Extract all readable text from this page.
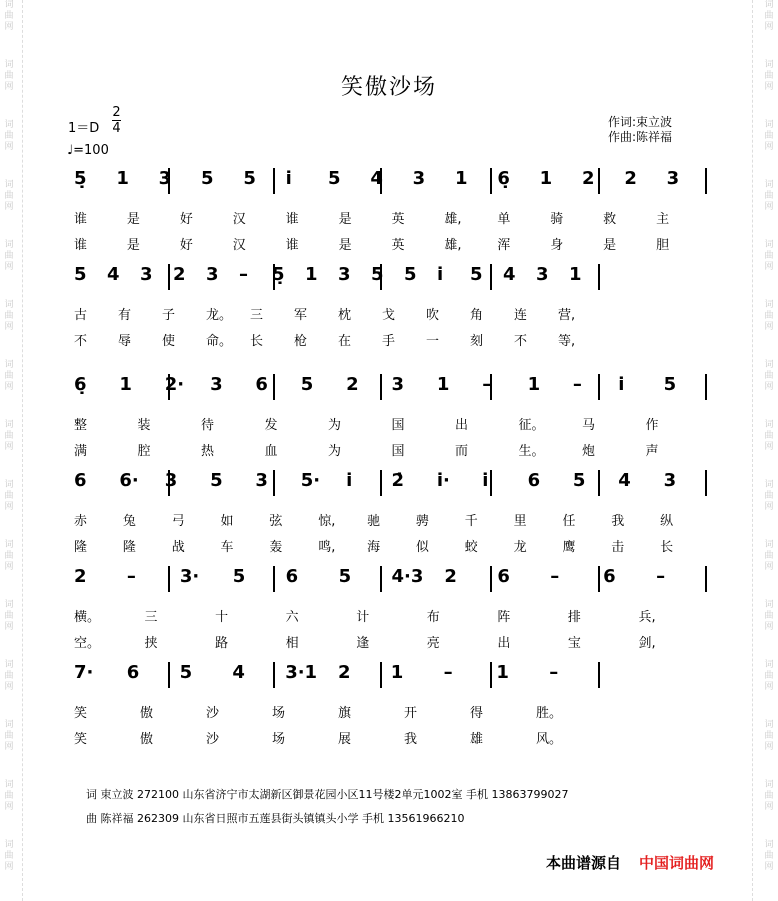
词
曲
网
词
曲
网
词
曲
网
词
曲
网
词
曲
网
词
曲
网
词
曲
网
词
曲
网
词
曲
网
词
曲
网
词
曲
网
词
曲
网
词
曲
网
词
曲
网
词
曲
网
词
曲
网
词
曲
网
词
曲
网
词
曲
网
词
曲
网
词
曲
网
词
曲
网
词
曲
网
词
曲
网
词
曲
网
词
曲
网
词
曲
网
词
曲
网
词
曲
网
词
曲
网
笑傲沙场
1＝D
2
4
♩=100
作词:束立波
作曲:陈祥福
5̣ 1 3 5 5 i̇ 5 4 3 1 6̣ 1 2 2 3
谁	是	好	汉	谁	是	英	雄,	单	骑	救	主
谁	是	好	汉	谁	是	英	雄,	浑	身	是	胆
5 4 3 2 3 – 5̣ 1 3 5 5 i̇ 5 4 3 1
古 有 子 龙。 三 军 枕 戈 吹 角 连 营,
不 辱 使 命。 长 枪 在 手 一 刻 不 等,
6̣ 1 2· 3 6 5 2 3 1 – 1 – i̇ 5
整	装	待	发	为	国	出	征。	马	作
满	腔	热	血	为	国	而	生。	炮	声
6 6· 3 5 3 5· i̇ 2̇ i̇· i̇ 6 5 4 3
赤	兔	弓	如	弦	惊, 驰	骋	千	里	任	我	纵
隆	隆	战	车	轰	鸣, 海	似	蛟	龙	鹰	击	长
2 – 3· 5 6 5 4·3 2 6 – 6 –
横。	三	十	六	计	布	阵	排	兵,
空。	挟	路	相	逢	亮	出	宝	剑,
7· 6 5 4 3·1 2 1 – 1 –
笑	傲	沙	场	旗	开	得	胜。
笑	傲	沙	场	展	我	雄	风。
词 束立波 272100 山东省济宁市太湖新区御景花园小区11号楼2单元1002室 手机 13863799027
曲 陈祥福 262309 山东省日照市五莲县街头镇镇头小学 手机 13561966210
本曲谱源自 中国词曲网
